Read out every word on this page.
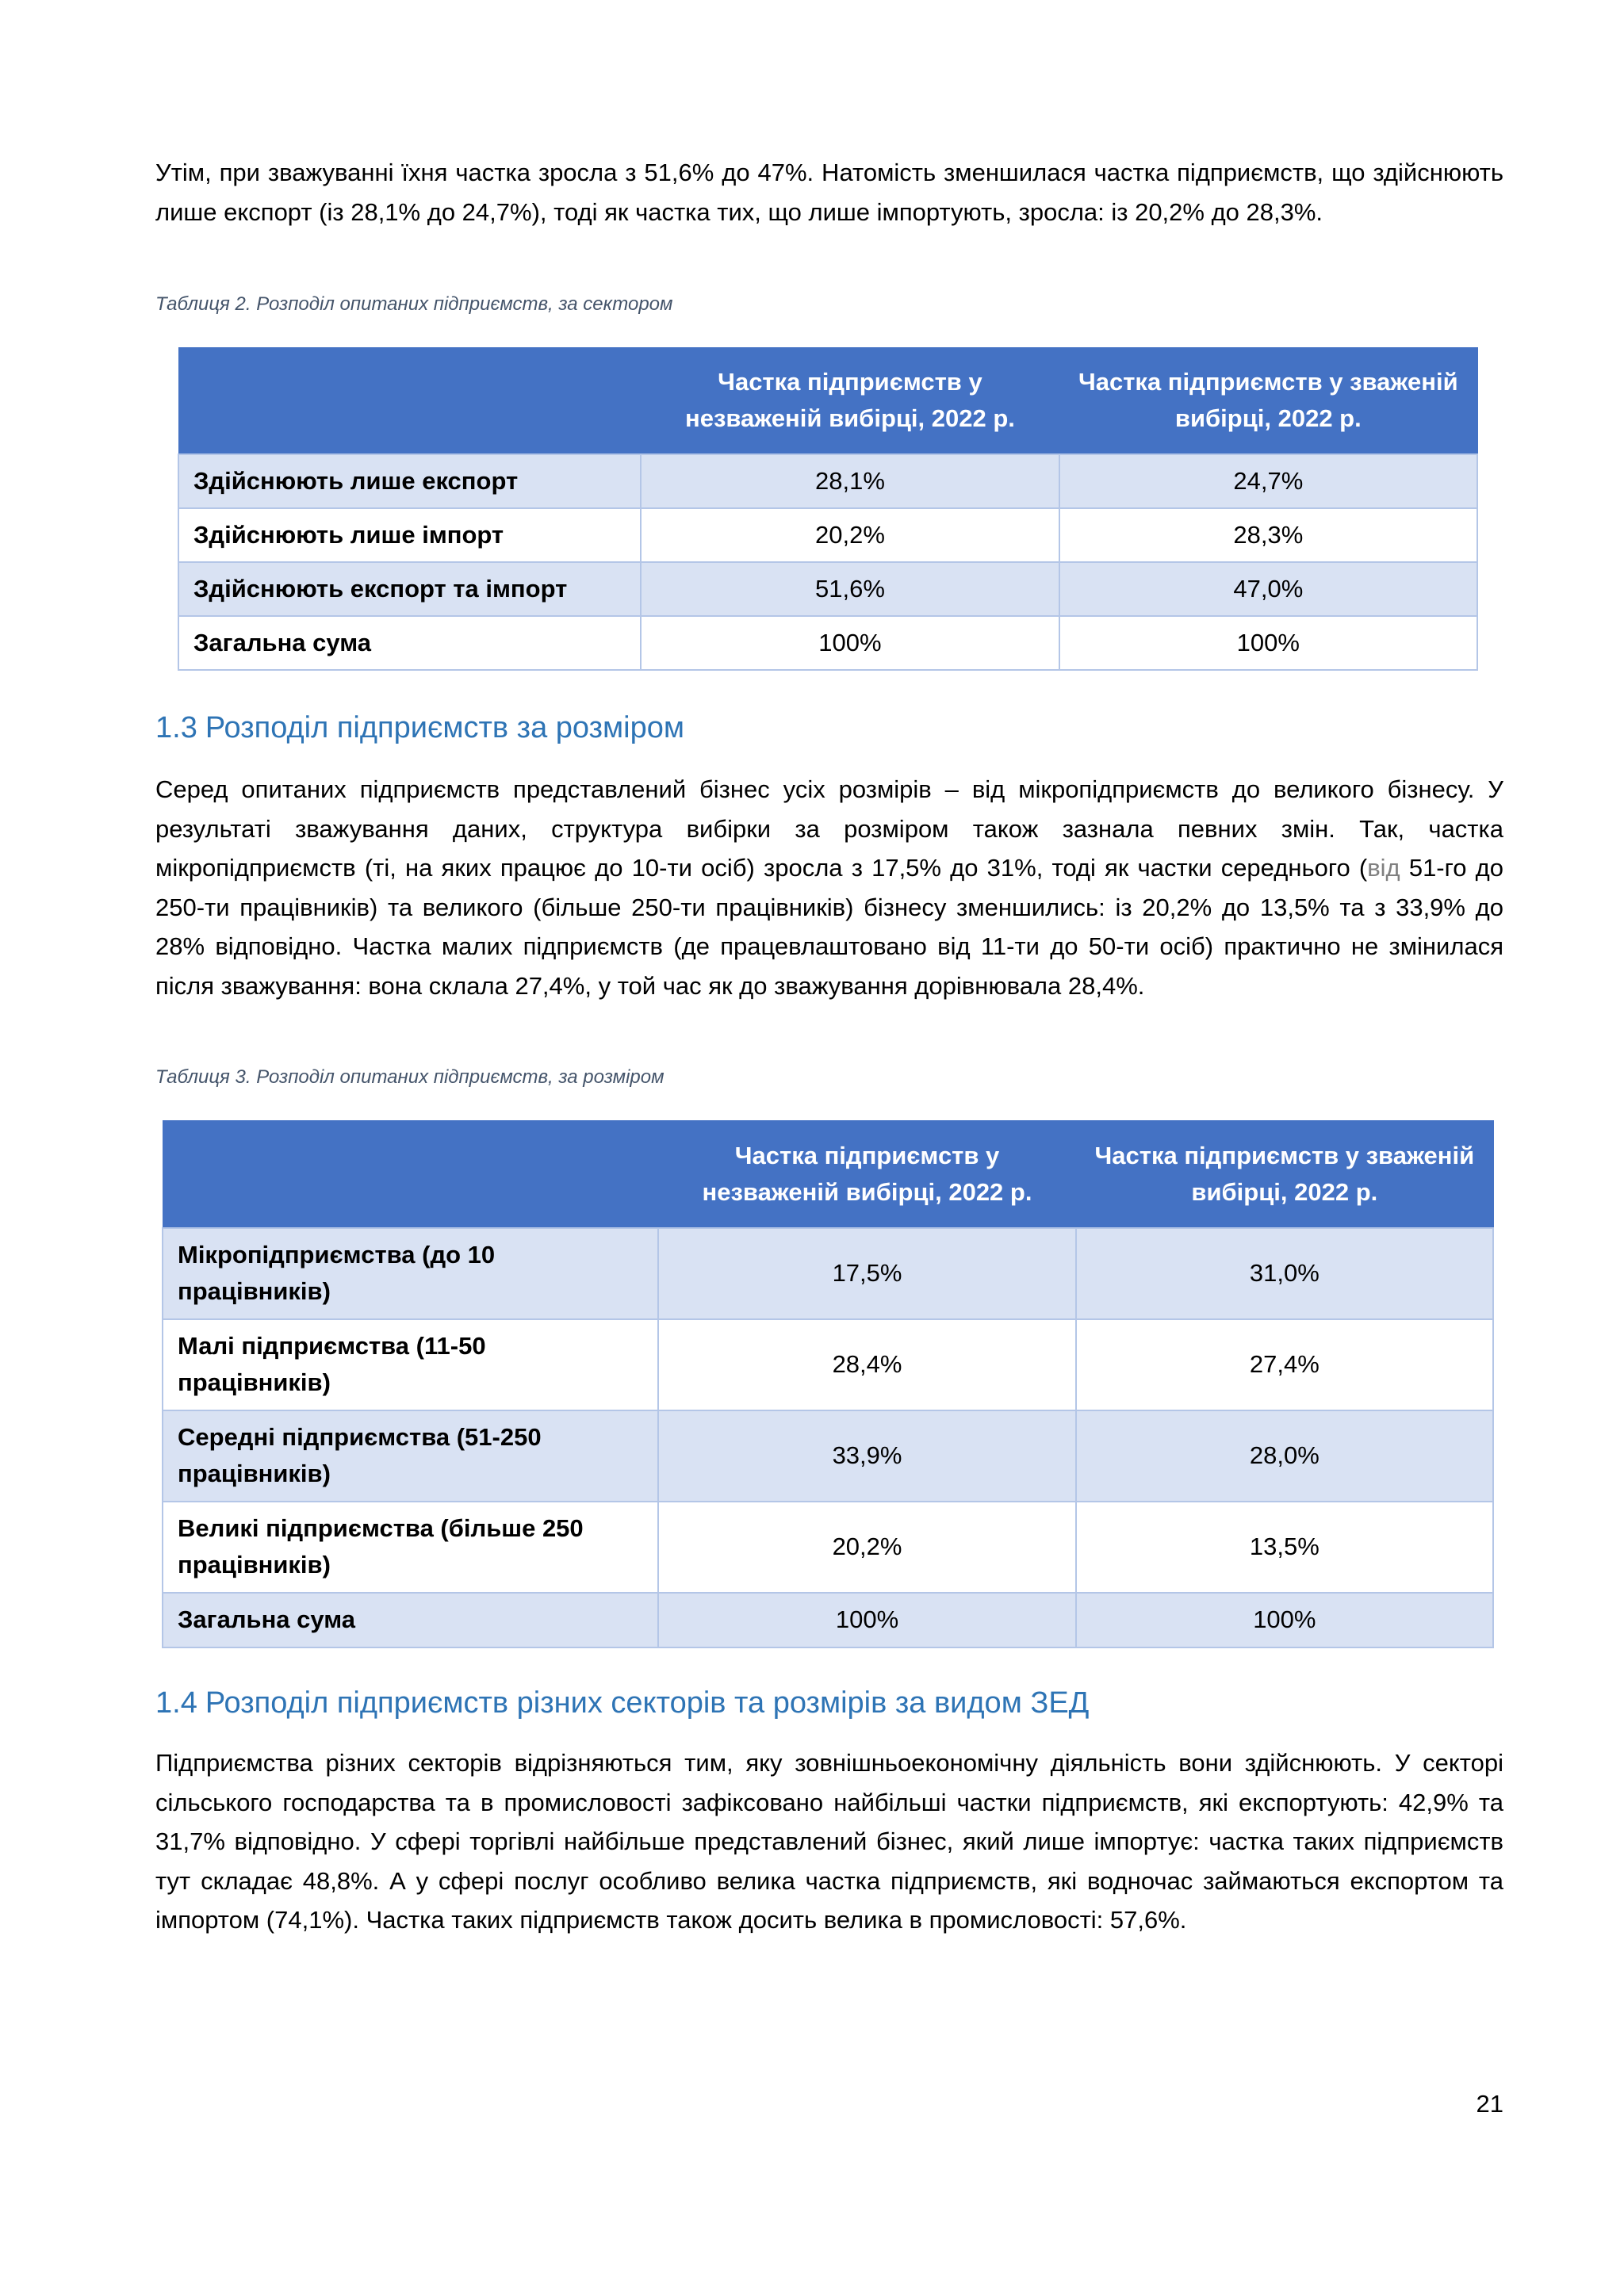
Утім, при зважуванні їхня частка зросла з 51,6% до 47%. Натомість зменшилася частка підприємств, що здійснюють лише експорт (із 28,1% до 24,7%), тоді як частка тих, що лише імпортують, зросла: із 20,2% до 28,3%.

Таблиця 2. Розподіл опитаних підприємств, за сектором

	Частка підприємств у незваженій вибірці, 2022 р.	Частка підприємств у зваженій вибірці, 2022 р.
Здійснюють лише експорт	28,1%	24,7%
Здійснюють лише імпорт	20,2%	28,3%
Здійснюють експорт та імпорт	51,6%	47,0%
Загальна сума	100%	100%
1.3 Розподіл підприємств за розміром

Серед опитаних підприємств представлений бізнес усіх розмірів – від мікропідприємств до великого бізнесу. У результаті зважування даних, структура вибірки за розміром також зазнала певних змін. Так, частка мікропідприємств (ті, на яких працює до 10-ти осіб) зросла з 17,5% до 31%, тоді як частки середнього (від 51-го до 250-ти працівників) та великого (більше 250-ти працівників) бізнесу зменшились: із 20,2% до 13,5% та з 33,9% до 28% відповідно. Частка малих підприємств (де працевлаштовано від 11-ти до 50-ти осіб) практично не змінилася після зважування: вона склала 27,4%, у той час як до зважування дорівнювала 28,4%.

Таблиця 3. Розподіл опитаних підприємств, за розміром

	Частка підприємств у незваженій вибірці, 2022 р.	Частка підприємств у зваженій вибірці, 2022 р.
Мікропідприємства (до 10 працівників)	17,5%	31,0%
Малі підприємства (11-50 працівників)	28,4%	27,4%
Середні підприємства (51-250 працівників)	33,9%	28,0%
Великі підприємства (більше 250 працівників)	20,2%	13,5%
Загальна сума	100%	100%
1.4 Розподіл підприємств різних секторів та розмірів за видом ЗЕД

Підприємства різних секторів відрізняються тим, яку зовнішньоекономічну діяльність вони здійснюють. У секторі сільського господарства та в промисловості зафіксовано найбільші частки підприємств, які експортують: 42,9% та 31,7% відповідно. У сфері торгівлі найбільше представлений бізнес, який лише імпортує: частка таких підприємств тут складає 48,8%. А у сфері послуг особливо велика частка підприємств, які водночас займаються експортом та імпортом (74,1%). Частка таких підприємств також досить велика в промисловості: 57,6%.

21
